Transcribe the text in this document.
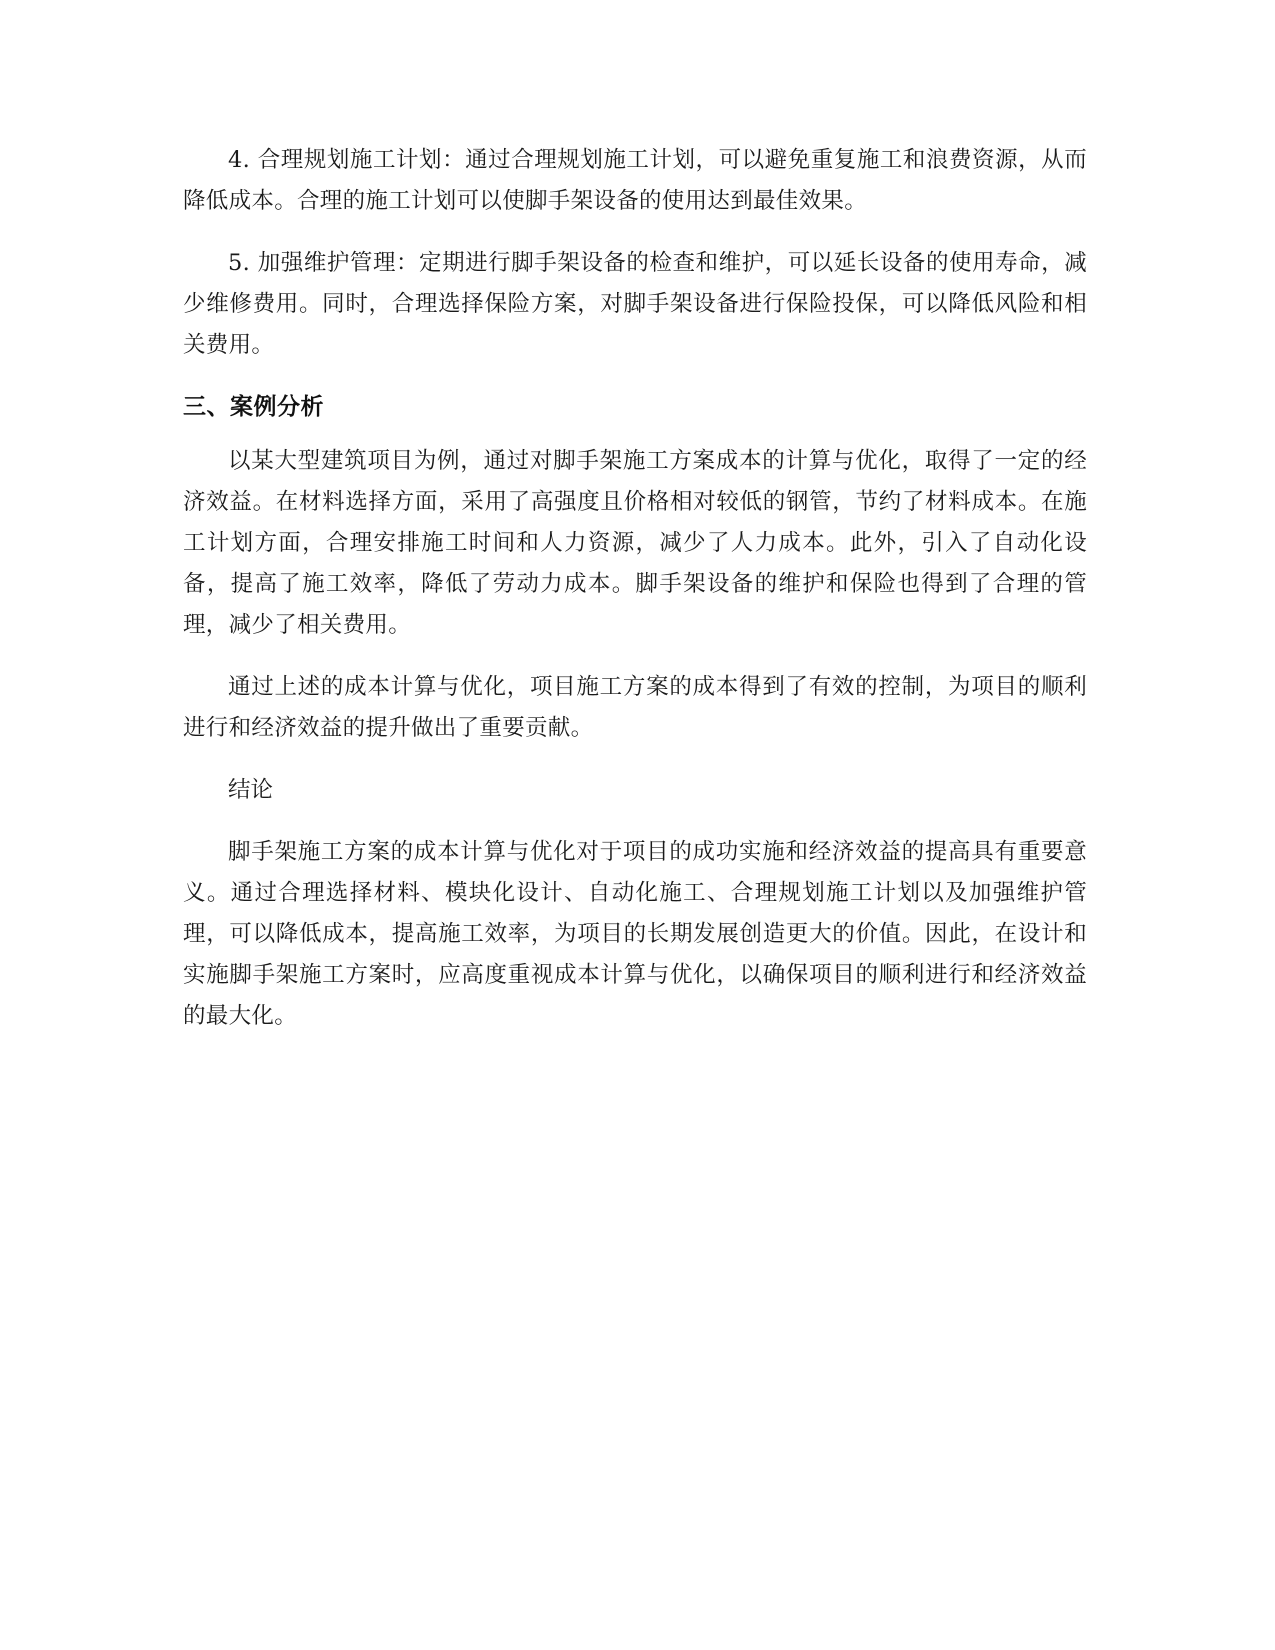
4. 合理规划施工计划：通过合理规划施工计划，可以避免重复施工和浪费资源，从而降低成本。合理的施工计划可以使脚手架设备的使用达到最佳效果。

5. 加强维护管理：定期进行脚手架设备的检查和维护，可以延长设备的使用寿命，减少维修费用。同时，合理选择保险方案，对脚手架设备进行保险投保，可以降低风险和相关费用。

三、案例分析

以某大型建筑项目为例，通过对脚手架施工方案成本的计算与优化，取得了一定的经济效益。在材料选择方面，采用了高强度且价格相对较低的钢管，节约了材料成本。在施工计划方面，合理安排施工时间和人力资源，减少了人力成本。此外，引入了自动化设备，提高了施工效率，降低了劳动力成本。脚手架设备的维护和保险也得到了合理的管理，减少了相关费用。

通过上述的成本计算与优化，项目施工方案的成本得到了有效的控制，为项目的顺利进行和经济效益的提升做出了重要贡献。

结论

脚手架施工方案的成本计算与优化对于项目的成功实施和经济效益的提高具有重要意义。通过合理选择材料、模块化设计、自动化施工、合理规划施工计划以及加强维护管理，可以降低成本，提高施工效率，为项目的长期发展创造更大的价值。因此，在设计和实施脚手架施工方案时，应高度重视成本计算与优化，以确保项目的顺利进行和经济效益的最大化。
